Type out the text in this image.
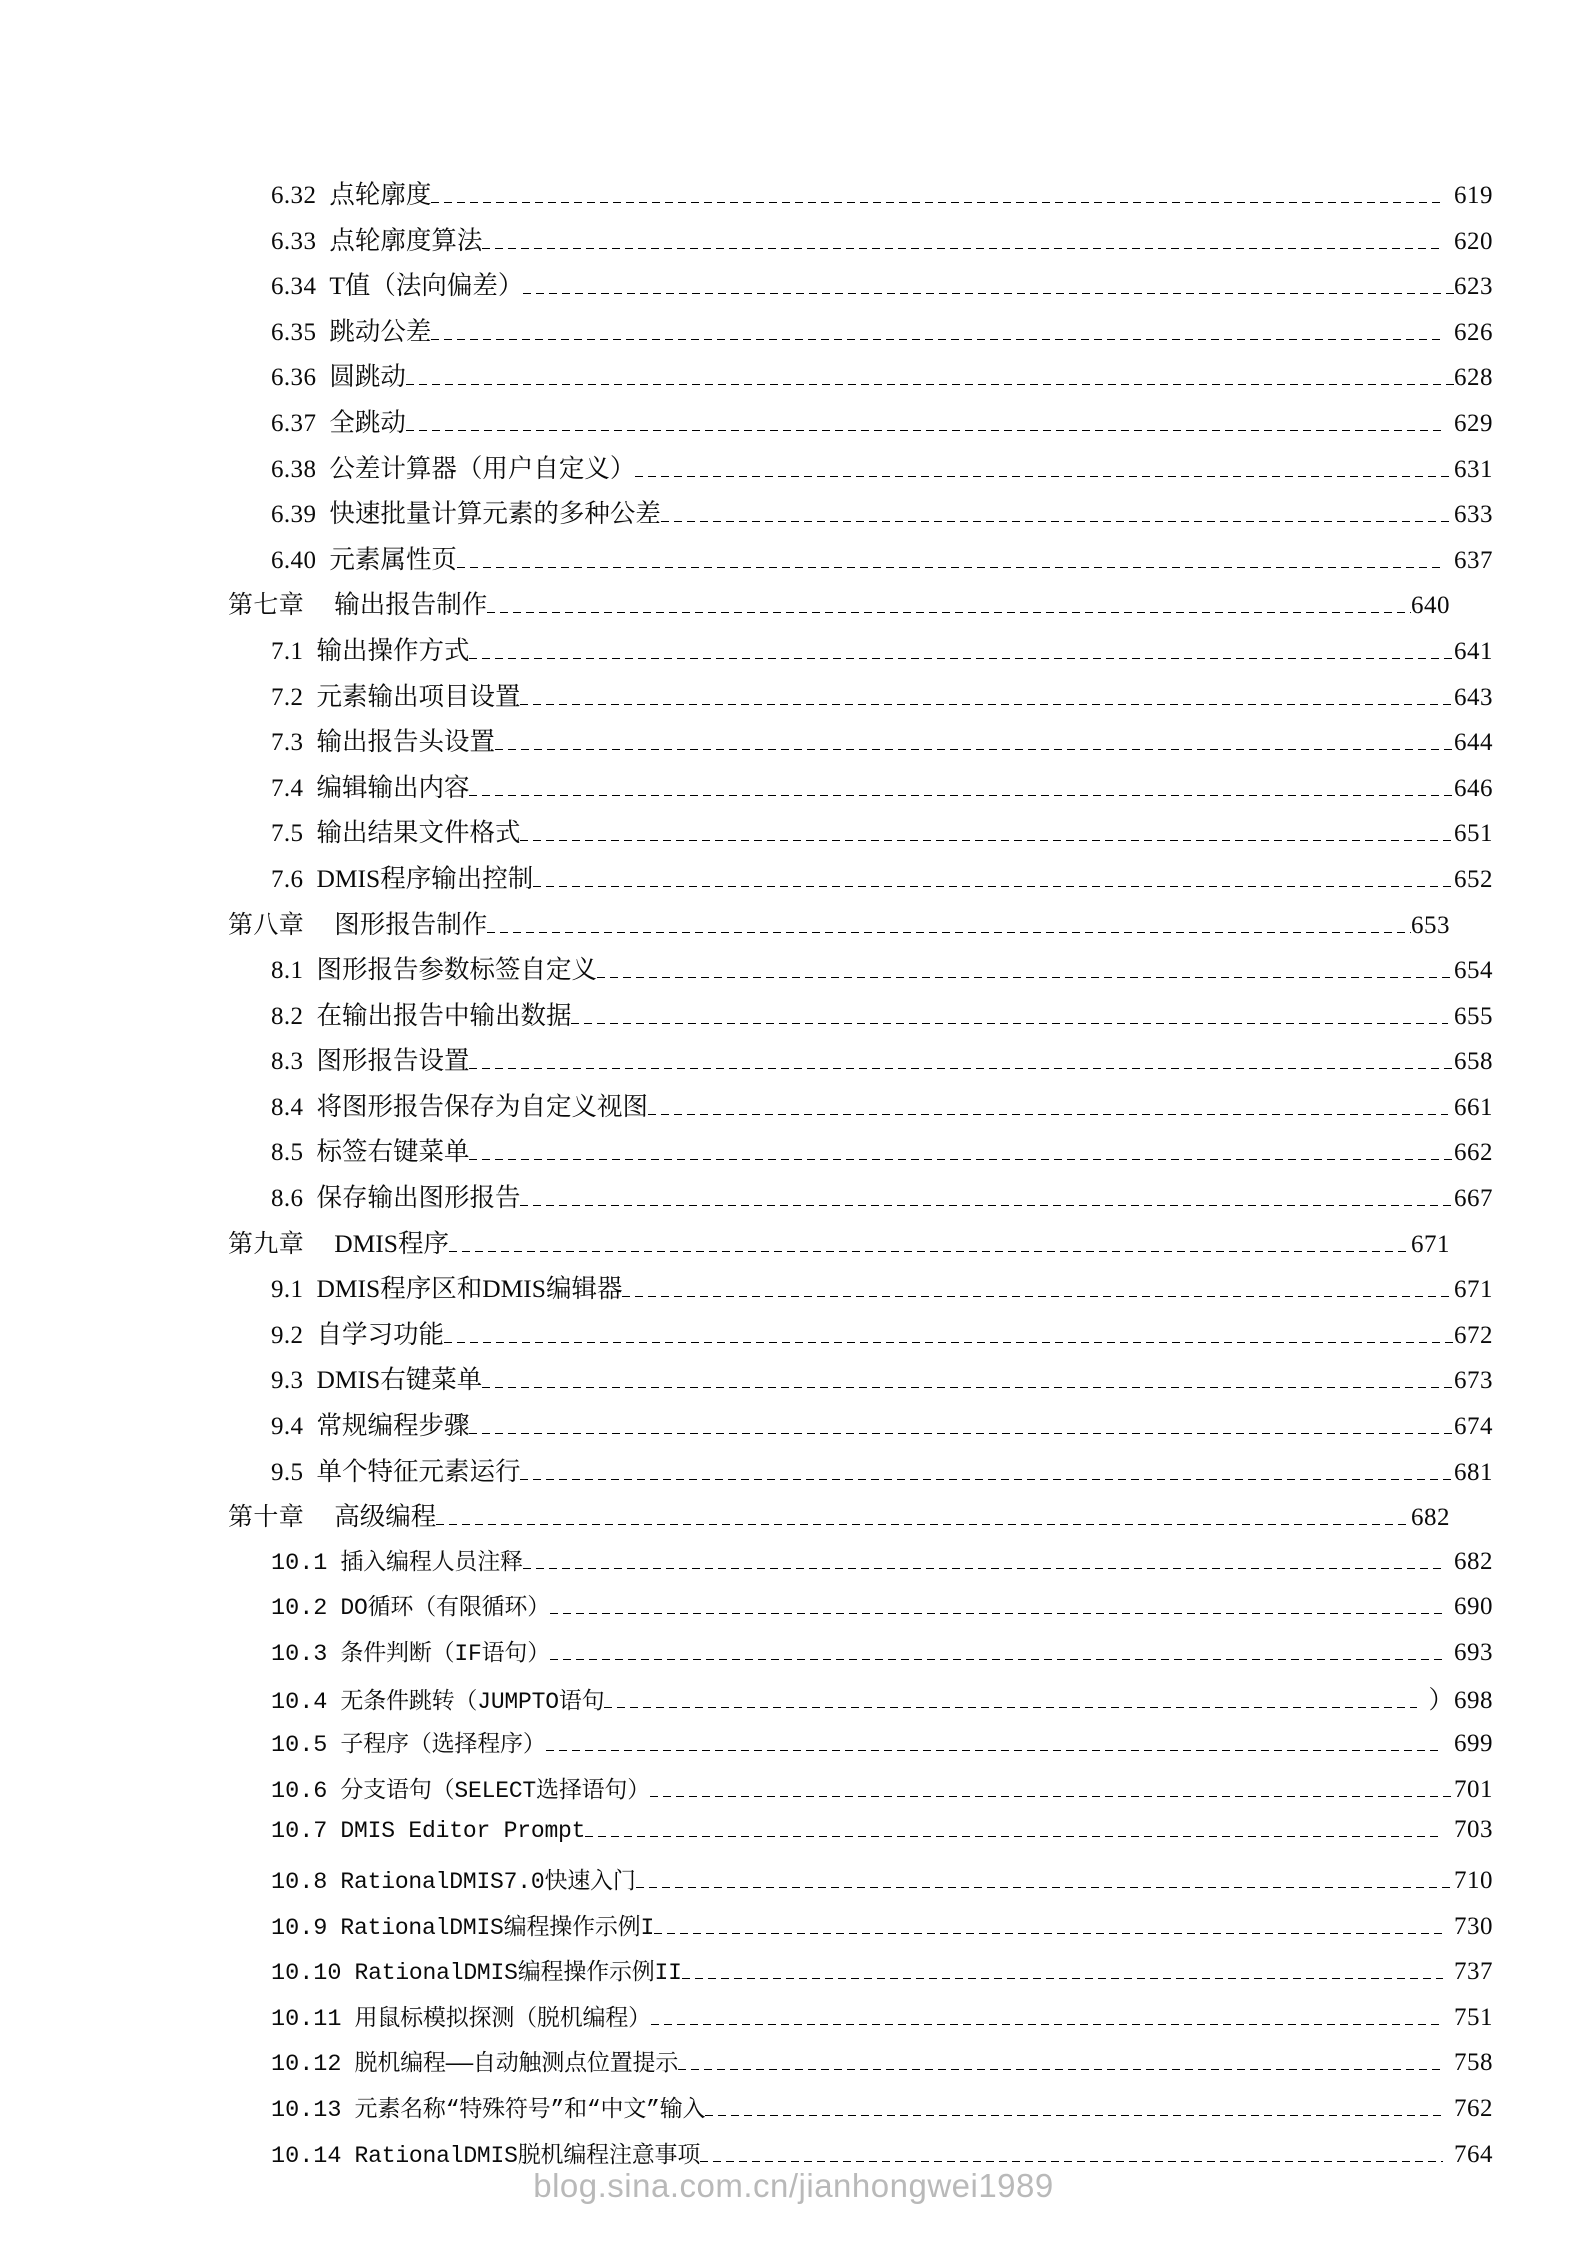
6.32 点轮廓度	619
6.33 点轮廓度算法	620
6.34 T值（法向偏差）	623
6.35 跳动公差	626
6.36 圆跳动	628
6.37 全跳动	629
6.38 公差计算器（用户自定义）	631
6.39 快速批量计算元素的多种公差	633
6.40 元素属性页	637
第七章 输出报告制作	640
7.1 输出操作方式	641
7.2 元素输出项目设置	643
7.3 输出报告头设置	644
7.4 编辑输出内容	646
7.5 输出结果文件格式	651
7.6 DMIS程序输出控制	652
第八章 图形报告制作	653
8.1 图形报告参数标签自定义	654
8.2 在输出报告中输出数据	655
8.3 图形报告设置	658
8.4 将图形报告保存为自定义视图	661
8.5 标签右键菜单	662
8.6 保存输出图形报告	667
第九章 DMIS程序	671
9.1 DMIS程序区和DMIS编辑器	671
9.2 自学习功能	672
9.3 DMIS右键菜单	673
9.4 常规编程步骤	674
9.5 单个特征元素运行	681
第十章 高级编程	682
10.1 插入编程人员注释	682
10.2 DO循环（有限循环）	690
10.3 条件判断（IF语句）	693
10.4 无条件跳转（JUMPTO语句	）698
10.5 子程序（选择程序）	699
10.6 分支语句（SELECT选择语句）	701
10.7 DMIS Editor Prompt	703
10.8 RationalDMIS7.0快速入门	710
10.9 RationalDMIS编程操作示例I	730
10.10 RationalDMIS编程操作示例II	737
10.11 用鼠标模拟探测（脱机编程）	751
10.12 脱机编程——自动触测点位置提示	758
10.13 元素名称“特殊符号”和“中文”输入	762
10.14 RationalDMIS脱机编程注意事项	764
blog.sina.com.cn/jianhongwei1989
